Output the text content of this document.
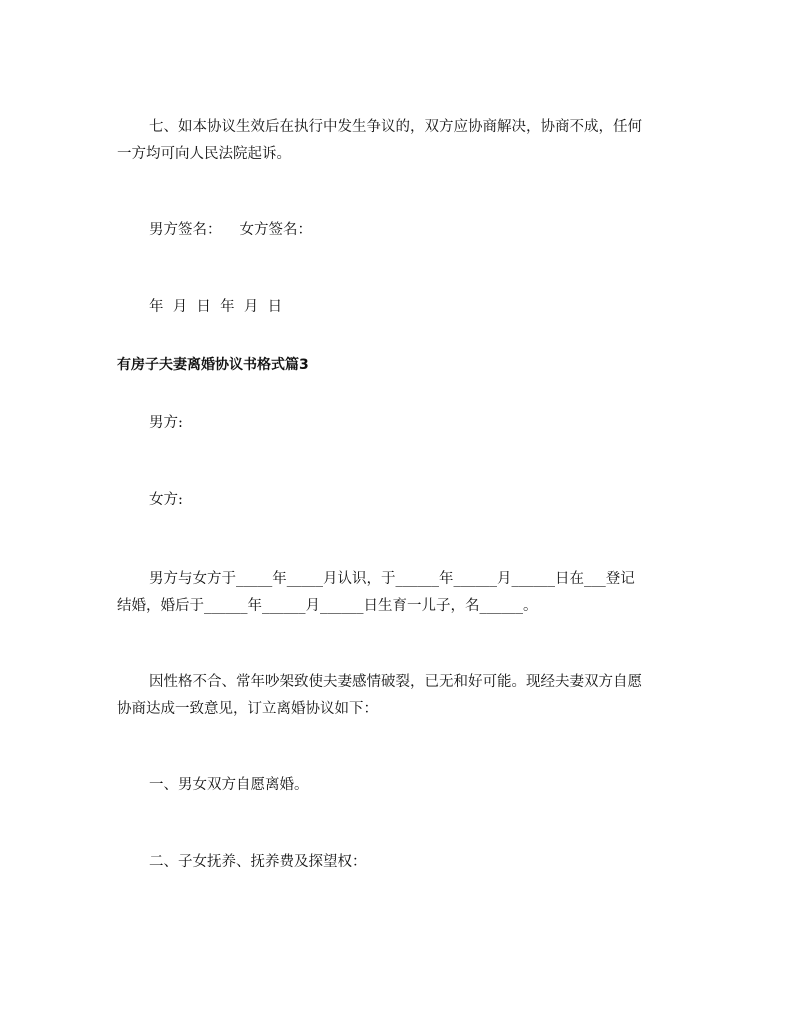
七、如本协议生效后在执行中发生争议的，双方应协商解决，协商不成，任何
一方均可向人民法院起诉。
男方签名： 女方签名：
年  月  日  年  月  日
有房子夫妻离婚协议书格式篇3
男方:
女方:
男方与女方于_____年_____月认识，于______年______月______日在___登记
结婚，婚后于______年______月______日生育一儿子，名______。
因性格不合、常年吵架致使夫妻感情破裂，已无和好可能。现经夫妻双方自愿
协商达成一致意见，订立离婚协议如下：
一、男女双方自愿离婚。
二、子女抚养、抚养费及探望权：
